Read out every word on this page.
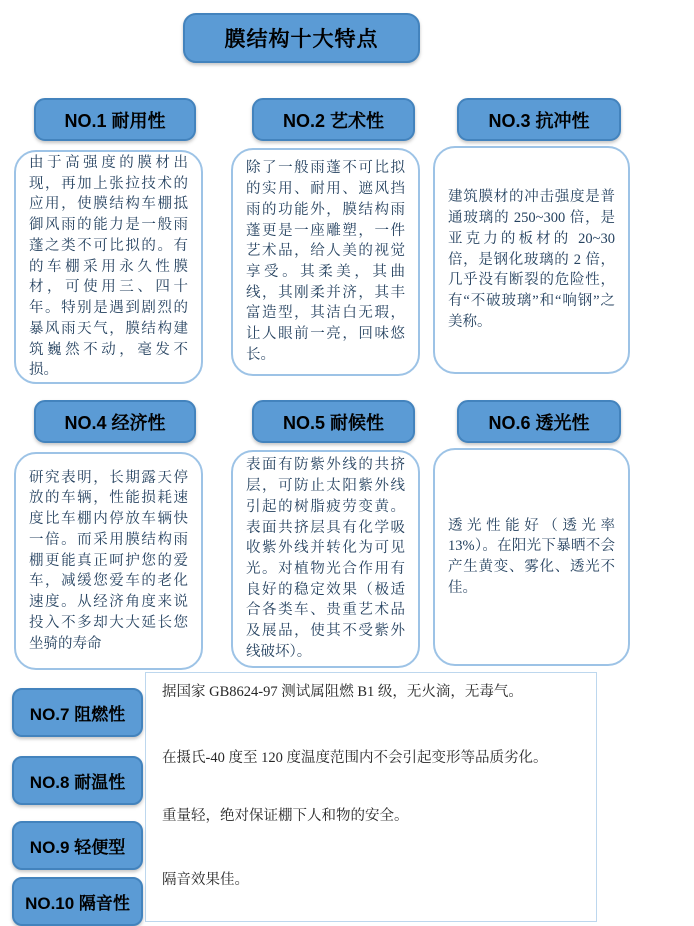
膜结构十大特点
NO.1 耐用性	NO.2 艺术性	NO.3 抗冲性
由于高强度的膜材出现，再加上张拉技术的应用，使膜结构车棚抵御风雨的能力是一般雨蓬之类不可比拟的。有的车棚采用永久性膜材，可使用三、四十年。特别是遇到剧烈的暴风雨天气，膜结构建筑巍然不动，毫发不损。
除了一般雨蓬不可比拟的实用、耐用、遮风挡雨的功能外，膜结构雨蓬更是一座雕塑，一件艺术品，给人美的视觉享受。其柔美，其曲线，其刚柔并济，其丰富造型，其洁白无瑕，让人眼前一亮，回味悠长。
建筑膜材的冲击强度是普通玻璃的 250~300 倍，是亚克力的板材的 20~30 倍，是钢化玻璃的 2 倍，几乎没有断裂的危险性，有“不破玻璃”和“响钢”之美称。
NO.4 经济性	NO.5 耐候性	NO.6 透光性
研究表明，长期露天停放的车辆，性能损耗速度比车棚内停放车辆快一倍。而采用膜结构雨棚更能真正呵护您的爱车，减缓您爱车的老化速度。从经济角度来说投入不多却大大延长您坐骑的寿命
表面有防紫外线的共挤层，可防止太阳紫外线引起的树脂疲劳变黄。表面共挤层具有化学吸收紫外线并转化为可见光。对植物光合作用有良好的稳定效果（极适合各类车、贵重艺术品及展品，使其不受紫外线破坏）。
透光性能好（透光率 13%）。在阳光下暴晒不会产生黄变、雾化、透光不佳。
NO.7 阻燃性
NO.8 耐温性
NO.9 轻便型
NO.10 隔音性
据国家 GB8624-97 测试属阻燃 B1 级，无火滴，无毒气。
在摄氏-40 度至 120 度温度范围内不会引起变形等品质劣化。
重量轻，绝对保证棚下人和物的安全。
隔音效果佳。
